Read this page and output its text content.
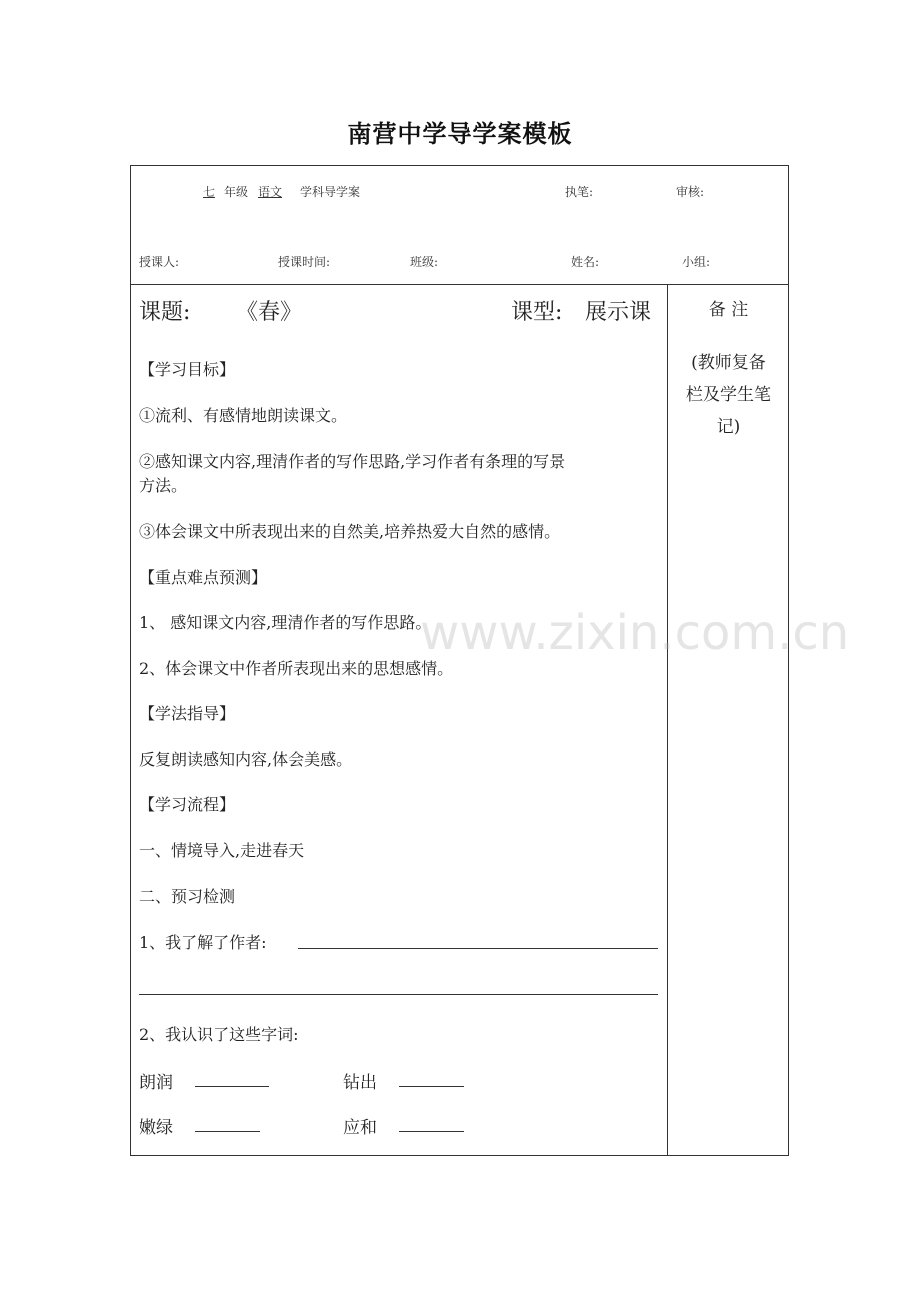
南营中学导学案模板
七 年级 语文 学科导学案	执笔:	审核:
授课人:	授课时间:	班级:	姓名:	小组:
课题: 《春》	课型: 展示课	备 注
(教师复备
栏及学生笔
记)
【学习目标】
①流利、有感情地朗读课文。
②感知课文内容,理清作者的写作思路,学习作者有条理的写景
方法。
③体会课文中所表现出来的自然美,培养热爱大自然的感情。
【重点难点预测】
1、 感知课文内容,理清作者的写作思路。
2、体会课文中作者所表现出来的思想感情。
【学法指导】
反复朗读感知内容,体会美感。
【学习流程】
一、情境导入,走进春天
二、预习检测
1、我了解了作者:
2、我认识了这些字词:
朗润	钻出
嫩绿	应和
www.zixin.com.cn
